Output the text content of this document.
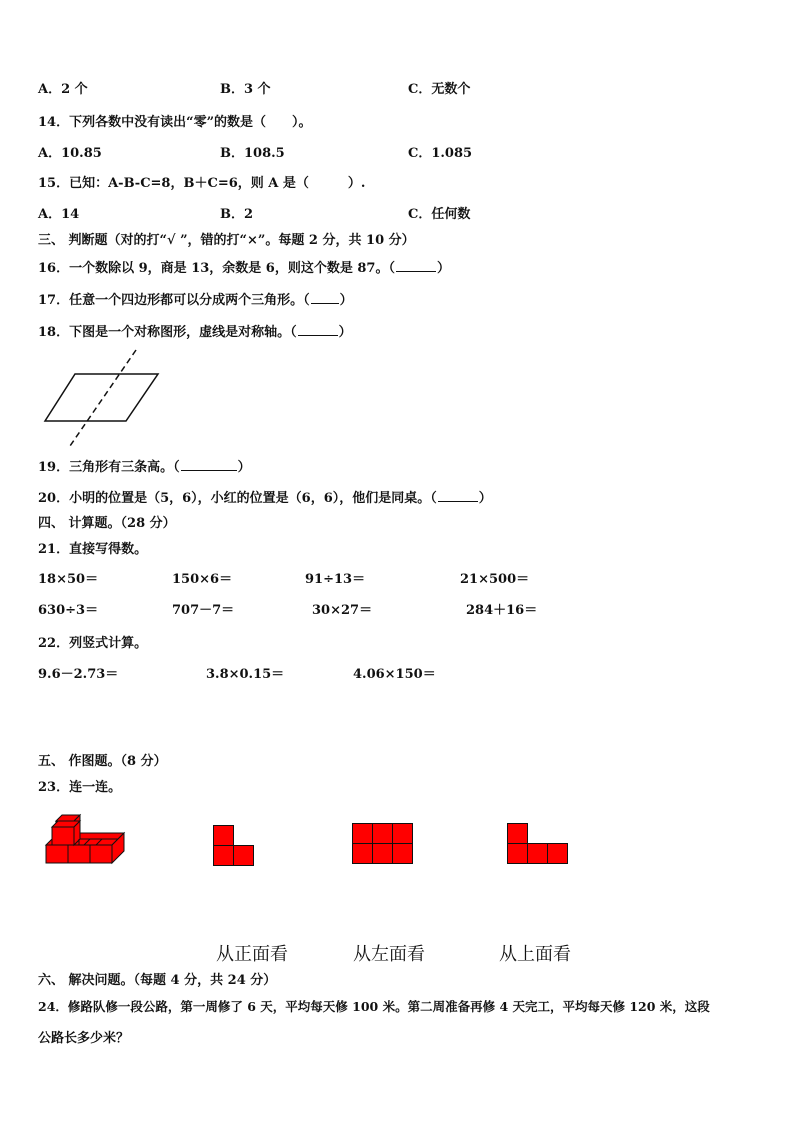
A．2 个	B．3 个	C．无数个
14．下列各数中没有读出“零”的数是（　　）。
A．10.85	B．108.5	C．1.085
15．已知：A-B-C=8，B＋C=6，则 A 是（　　　）.
A．14	B．2	C．任何数
三、 判断题（对的打“√ ”，错的打“×”。每题 2 分，共 10 分）
16．一个数除以 9，商是 13，余数是 6，则这个数是 87。（	）
17．任意一个四边形都可以分成两个三角形。（ ）
18．下图是一个对称图形，虚线是对称轴。（	）
19．三角形有三条高。（	）
20．小明的位置是（5，6），小红的位置是（6，6），他们是同桌。（	）
四、 计算题。（28 分）
21．直接写得数。
18×50＝	150×6＝	91÷13＝	21×500＝
630÷3＝	707－7＝	30×27＝	284＋16＝
22．列竖式计算。
9.6－2.73＝	3.8×0.15＝	4.06×150＝
五、 作图题。（8 分）
23．连一连。
从正面看	从左面看	从上面看
六、 解决问题。（每题 4 分，共 24 分）
24．修路队修一段公路，第一周修了 6 天，平均每天修 100 米。第二周准备再修 4 天完工，平均每天修 120 米，这段
公路长多少米？
